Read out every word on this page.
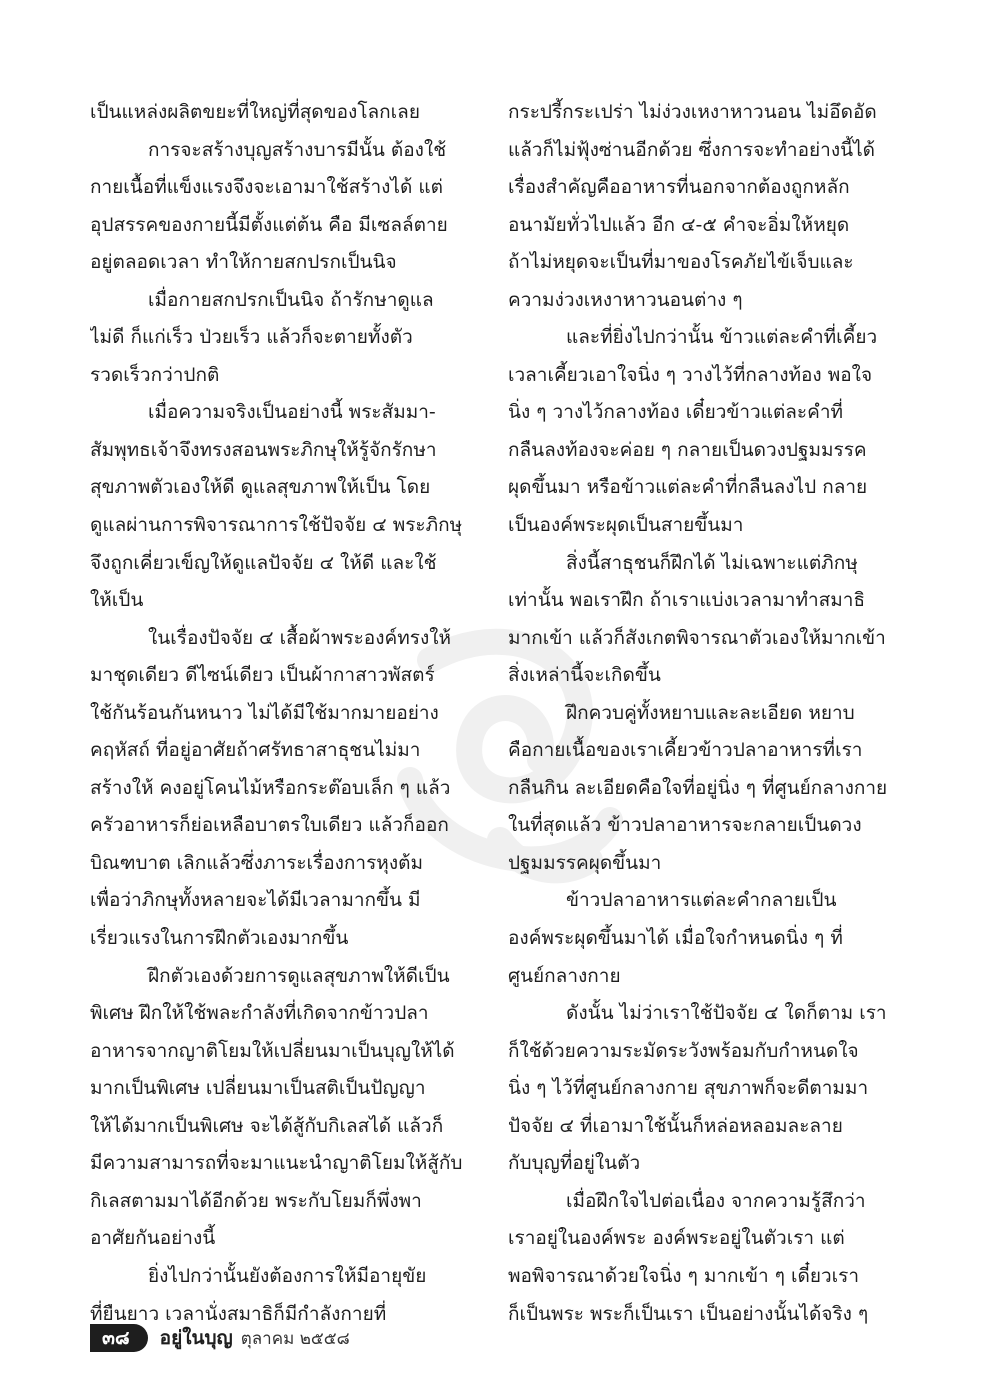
เป็นแหล่งผลิตขยะที่ใหญ่ที่สุดของโลกเลย
การจะสร้างบุญสร้างบารมีนั้น ต้องใช้
กายเนื้อที่แข็งแรงจึงจะเอามาใช้สร้างได้ แต่
อุปสรรคของกายนี้มีตั้งแต่ต้น คือ มีเซลล์ตาย
อยู่ตลอดเวลา ทำให้กายสกปรกเป็นนิจ
เมื่อกายสกปรกเป็นนิจ ถ้ารักษาดูแล
ไม่ดี ก็แก่เร็ว ป่วยเร็ว แล้วก็จะตายทั้งตัว
รวดเร็วกว่าปกติ
เมื่อความจริงเป็นอย่างนี้ พระสัมมา-
สัมพุทธเจ้าจึงทรงสอนพระภิกษุให้รู้จักรักษา
สุขภาพตัวเองให้ดี ดูแลสุขภาพให้เป็น โดย
ดูแลผ่านการพิจารณาการใช้ปัจจัย ๔ พระภิกษุ
จึงถูกเคี่ยวเข็ญให้ดูแลปัจจัย ๔ ให้ดี และใช้
ให้เป็น
ในเรื่องปัจจัย ๔ เสื้อผ้าพระองค์ทรงให้
มาชุดเดียว ดีไซน์เดียว เป็นผ้ากาสาวพัสตร์
ใช้กันร้อนกันหนาว ไม่ได้มีใช้มากมายอย่าง
คฤหัสถ์ ที่อยู่อาศัยถ้าศรัทธาสาธุชนไม่มา
สร้างให้ คงอยู่โคนไม้หรือกระต๊อบเล็ก ๆ แล้ว
ครัวอาหารก็ย่อเหลือบาตรใบเดียว แล้วก็ออก
บิณฑบาต เลิกแล้วซึ่งภาระเรื่องการหุงต้ม
เพื่อว่าภิกษุทั้งหลายจะได้มีเวลามากขึ้น มี
เรี่ยวแรงในการฝึกตัวเองมากขึ้น
ฝึกตัวเองด้วยการดูแลสุขภาพให้ดีเป็น
พิเศษ ฝึกให้ใช้พละกำลังที่เกิดจากข้าวปลา
อาหารจากญาติโยมให้เปลี่ยนมาเป็นบุญให้ได้
มากเป็นพิเศษ เปลี่ยนมาเป็นสติเป็นปัญญา
ให้ได้มากเป็นพิเศษ จะได้สู้กับกิเลสได้ แล้วก็
มีความสามารถที่จะมาแนะนำญาติโยมให้สู้กับ
กิเลสตามมาได้อีกด้วย พระกับโยมก็พึ่งพา
อาศัยกันอย่างนี้
ยิ่งไปกว่านั้นยังต้องการให้มีอายุขัย
ที่ยืนยาว เวลานั่งสมาธิก็มีกำลังกายที่
กระปรี้กระเปร่า ไม่ง่วงเหงาหาวนอน ไม่อึดอัด
แล้วก็ไม่ฟุ้งซ่านอีกด้วย ซึ่งการจะทำอย่างนี้ได้
เรื่องสำคัญคืออาหารที่นอกจากต้องถูกหลัก
อนามัยทั่วไปแล้ว อีก ๔-๕ คำจะอิ่มให้หยุด
ถ้าไม่หยุดจะเป็นที่มาของโรคภัยไข้เจ็บและ
ความง่วงเหงาหาวนอนต่าง ๆ
และที่ยิ่งไปกว่านั้น ข้าวแต่ละคำที่เคี้ยว
เวลาเคี้ยวเอาใจนิ่ง ๆ วางไว้ที่กลางท้อง พอใจ
นิ่ง ๆ วางไว้กลางท้อง เดี๋ยวข้าวแต่ละคำที่
กลืนลงท้องจะค่อย ๆ กลายเป็นดวงปฐมมรรค
ผุดขึ้นมา หรือข้าวแต่ละคำที่กลืนลงไป กลาย
เป็นองค์พระผุดเป็นสายขึ้นมา
สิ่งนี้สาธุชนก็ฝึกได้ ไม่เฉพาะแต่ภิกษุ
เท่านั้น พอเราฝึก ถ้าเราแบ่งเวลามาทำสมาธิ
มากเข้า แล้วก็สังเกตพิจารณาตัวเองให้มากเข้า
สิ่งเหล่านี้จะเกิดขึ้น
ฝึกควบคู่ทั้งหยาบและละเอียด หยาบ
คือกายเนื้อของเราเคี้ยวข้าวปลาอาหารที่เรา
กลืนกิน ละเอียดคือใจที่อยู่นิ่ง ๆ ที่ศูนย์กลางกาย
ในที่สุดแล้ว ข้าวปลาอาหารจะกลายเป็นดวง
ปฐมมรรคผุดขึ้นมา
ข้าวปลาอาหารแต่ละคำกลายเป็น
องค์พระผุดขึ้นมาได้ เมื่อใจกำหนดนิ่ง ๆ ที่
ศูนย์กลางกาย
ดังนั้น ไม่ว่าเราใช้ปัจจัย ๔ ใดก็ตาม เรา
ก็ใช้ด้วยความระมัดระวังพร้อมกับกำหนดใจ
นิ่ง ๆ ไว้ที่ศูนย์กลางกาย สุขภาพก็จะดีตามมา
ปัจจัย ๔ ที่เอามาใช้นั้นก็หล่อหลอมละลาย
กับบุญที่อยู่ในตัว
เมื่อฝึกใจไปต่อเนื่อง จากความรู้สึกว่า
เราอยู่ในองค์พระ องค์พระอยู่ในตัวเรา แต่
พอพิจารณาด้วยใจนิ่ง ๆ มากเข้า ๆ เดี๋ยวเรา
ก็เป็นพระ พระก็เป็นเรา เป็นอย่างนั้นได้จริง ๆ
๓๘	อยู่ในบุญ ตุลาคม ๒๕๕๘
